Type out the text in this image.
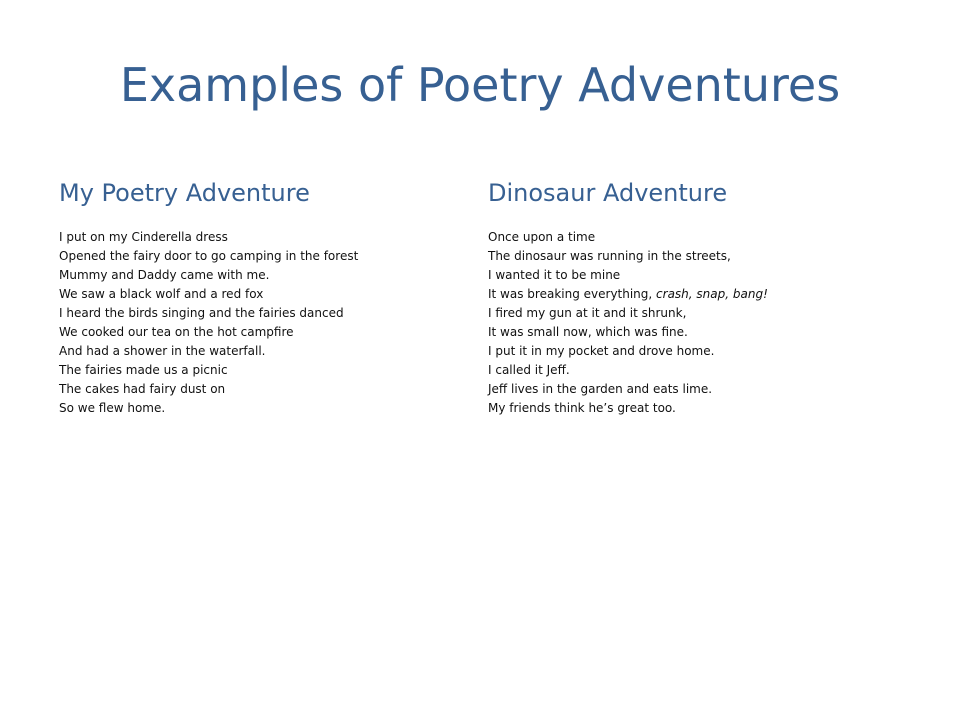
Examples of Poetry Adventures
My Poetry Adventure

I put on my Cinderella dress

Opened the fairy door to go camping in the forest

Mummy and Daddy came with me.

We saw a black wolf and a red fox

I heard the birds singing and the fairies danced

We cooked our tea on the hot campfire

And had a shower in the waterfall.

The fairies made us a picnic

The cakes had fairy dust on

So we flew home.

Dinosaur Adventure

Once upon a time

The dinosaur was running in the streets,

I wanted it to be mine

It was breaking everything, crash, snap, bang!

I fired my gun at it and it shrunk,

It was small now, which was fine.

I put it in my pocket and drove home.

I called it Jeff.

Jeff lives in the garden and eats lime.

My friends think he’s great too.
